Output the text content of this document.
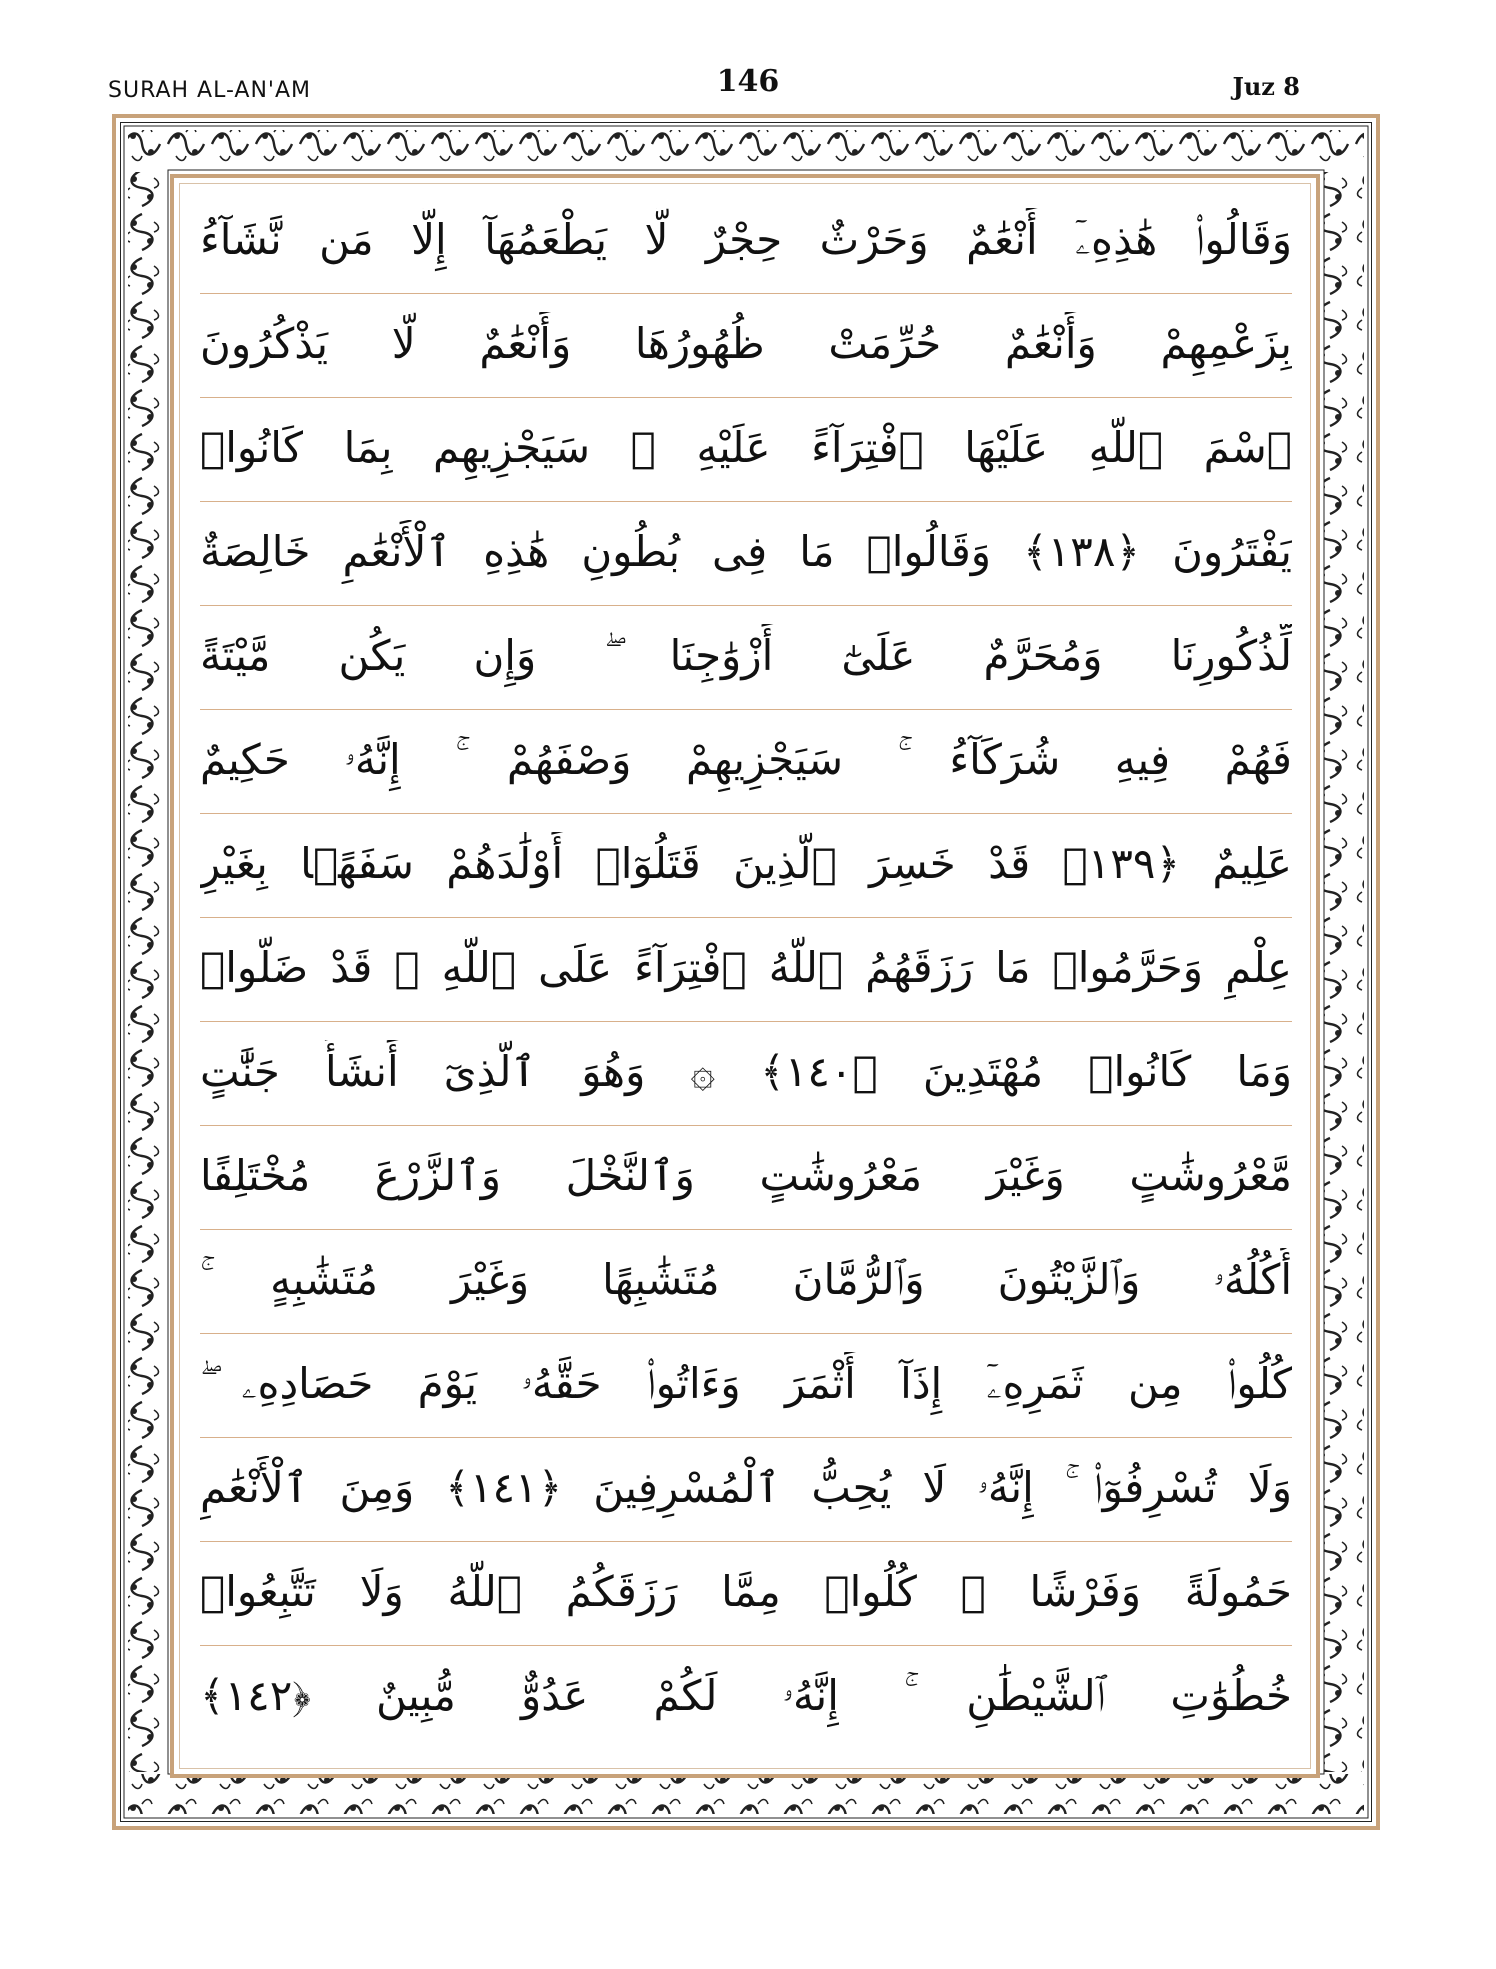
SURAH AL-AN'AM	146	Juz 8
وَقَالُوا۟ هَٰذِهِۦٓ أَنْعَٰمٌ وَحَرْثٌ حِجْرٌ لَّا يَطْعَمُهَآ إِلَّا مَن نَّشَآءُ
بِزَعْمِهِمْ وَأَنْعَٰمٌ حُرِّمَتْ ظُهُورُهَا وَأَنْعَٰمٌ لَّا يَذْكُرُونَ
ٱسْمَ ٱللَّهِ عَلَيْهَا ٱفْتِرَآءً عَلَيْهِ ۚ سَيَجْزِيهِم بِمَا كَانُوا۟
يَفْتَرُونَ ﴿١٣٨﴾ وَقَالُوا۟ مَا فِى بُطُونِ هَٰذِهِ ٱلْأَنْعَٰمِ خَالِصَةٌ
لِّذُكُورِنَا وَمُحَرَّمٌ عَلَىٰٓ أَزْوَٰجِنَا ۖ وَإِن يَكُن مَّيْتَةً
فَهُمْ فِيهِ شُرَكَآءُ ۚ سَيَجْزِيهِمْ وَصْفَهُمْ ۚ إِنَّهُۥ حَكِيمٌ
عَلِيمٌ ﴿١٣٩﴾ قَدْ خَسِرَ ٱلَّذِينَ قَتَلُوٓا۟ أَوْلَٰدَهُمْ سَفَهًۢا بِغَيْرِ
عِلْمٍ وَحَرَّمُوا۟ مَا رَزَقَهُمُ ٱللَّهُ ٱفْتِرَآءً عَلَى ٱللَّهِ ۚ قَدْ ضَلُّوا۟
وَمَا كَانُوا۟ مُهْتَدِينَ ﴿١٤٠﴾ ۞ وَهُوَ ٱلَّذِىٓ أَنشَأَ جَنَّٰتٍ
مَّعْرُوشَٰتٍ وَغَيْرَ مَعْرُوشَٰتٍ وَٱلنَّخْلَ وَٱلزَّرْعَ مُخْتَلِفًا
أُكُلُهُۥ وَٱلزَّيْتُونَ وَٱلرُّمَّانَ مُتَشَٰبِهًا وَغَيْرَ مُتَشَٰبِهٍ ۚ
كُلُوا۟ مِن ثَمَرِهِۦٓ إِذَآ أَثْمَرَ وَءَاتُوا۟ حَقَّهُۥ يَوْمَ حَصَادِهِۦ ۖ
وَلَا تُسْرِفُوٓا۟ ۚ إِنَّهُۥ لَا يُحِبُّ ٱلْمُسْرِفِينَ ﴿١٤١﴾ وَمِنَ ٱلْأَنْعَٰمِ
حَمُولَةً وَفَرْشًا ۚ كُلُوا۟ مِمَّا رَزَقَكُمُ ٱللَّهُ وَلَا تَتَّبِعُوا۟
خُطُوَٰتِ ٱلشَّيْطَٰنِ ۚ إِنَّهُۥ لَكُمْ عَدُوٌّ مُّبِينٌ ﴿١٤٢﴾
